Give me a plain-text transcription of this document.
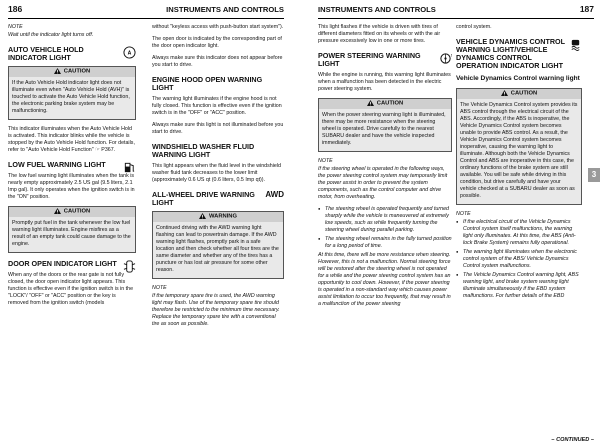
186	INSTRUMENTS AND CONTROLS	INSTRUMENTS AND CONTROLS	187
3
NOTE

Wait until the indicator light turns off.

AUTO VEHICLE HOLD INDICATOR LIGHT	A
CAUTION
If the Auto Vehicle Hold indicator light does not illuminate even when "Auto Vehicle Hold (AVH)" is touched to activate the Auto Vehicle Hold function, the electronic parking brake system may be malfunctioning.

This indicator illuminates when the Auto Vehicle Hold is activated. This indicator blinks while the vehicle is stopped by the Auto Vehicle Hold function. For details, refer to "Auto Vehicle Hold Function" ☞ P367.

LOW FUEL WARNING LIGHT

The low fuel warning light illuminates when the tank is nearly empty approximately 2.5 US gal (9.5 liters, 2.1 Imp gal). It only operates when the ignition switch is in the "ON" position.

CAUTION
Promptly put fuel in the tank whenever the low fuel warning light illuminates. Engine misfires as a result of an empty tank could cause damage to the engine.
DOOR OPEN INDICATOR LIGHT

When any of the doors or the rear gate is not fully closed, the door open indicator light appears. This function is effective even if the ignition switch is in the "LOCK"/ "OFF" or "ACC" position or the key is removed from the ignition switch (models

without "keyless access with push-button start system").

The open door is indicated by the corresponding part of the door open indicator light.

Always make sure this indicator does not appear before you start to drive.

ENGINE HOOD OPEN WARNING LIGHT

The warning light illuminates if the engine hood is not fully closed. This function is effective even if the ignition switch is in the "OFF" or "ACC" position.

Always make sure this light is not illuminated before you start to drive.

WINDSHIELD WASHER FLUID WARNING LIGHT

This light appears when the fluid level in the windshield washer fluid tank decreases to the lower limit (approximately 0.6 US qt (0.6 liters, 0.5 Imp qt)).

ALL-WHEEL DRIVE WARNING LIGHT
AWD
WARNING
Continued driving with the AWD warning light flashing can lead to powertrain damage. If the AWD warning light flashes, promptly park in a safe location and then check whether all four tires are the same diameter and whether any of the tires has a puncture or has lost air pressure for some other reason.
NOTE

If the temporary spare tire is used, the AWD warning light may flash. Use of the temporary spare tire should therefore be restricted to the minimum time necessary. Replace the temporary spare tire with a conventional tire as soon as possible.

This light flashes if the vehicle is driven with tires of different diameters fitted on its wheels or with the air pressure excessively low in one or more tires.

POWER STEERING WARNING LIGHT
!

While the engine is running, this warning light illuminates when a malfunction has been detected in the electric power steering system.

CAUTION
When the power steering warning light is illuminated, there may be more resistance when the steering wheel is operated. Drive carefully to the nearest SUBARU dealer and have the vehicle inspected immediately.
NOTE

If the steering wheel is operated in the following ways, the power steering control system may temporarily limit the power assist in order to prevent the system components, such as the control computer and drive motor, from overheating.

● The steering wheel is operated frequently and turned sharply while the vehicle is maneuvered at extremely low speeds, such as while frequently turning the steering wheel during parallel parking.
● The steering wheel remains in the fully turned position for a long period of time.

At this time, there will be more resistance when steering. However, this is not a malfunction. Normal steering force will be restored after the steering wheel is not operated for a while and the power steering control system has an opportunity to cool down. However, if the power steering is operated in a non-standard way which causes power assist limitation to occur too frequently, that may result in a malfunction of the power steering

control system.

VEHICLE DYNAMICS CONTROL WARNING LIGHT/VEHICLE DYNAMICS CONTROL OPERATION INDICATOR LIGHT
Vehicle Dynamics Control warning light
CAUTION
The Vehicle Dynamics Control system provides its ABS control through the electrical circuit of the ABS. Accordingly, if the ABS is inoperative, the Vehicle Dynamics Control system becomes unable to provide ABS control. As a result, the Vehicle Dynamics Control system becomes inoperative, causing the warning light to illuminate. Although both the Vehicle Dynamics Control and ABS are inoperative in this case, the ordinary functions of the brake system are still available. You will be safe while driving in this condition, but drive carefully and have your vehicle checked at a SUBARU dealer as soon as possible.
NOTE
● If the electrical circuit of the Vehicle Dynamics Control system itself malfunctions, the warning light only illuminates. At this time, the ABS (Anti-lock Brake System) remains fully operational.
● The warning light illuminates when the electronic control system of the ABS/ Vehicle Dynamics Control system malfunctions.
● The Vehicle Dynamics Control warning light, ABS warning light, and brake system warning light illuminate simultaneously if the EBD system malfunctions. For further details of the EBD
– CONTINUED –
